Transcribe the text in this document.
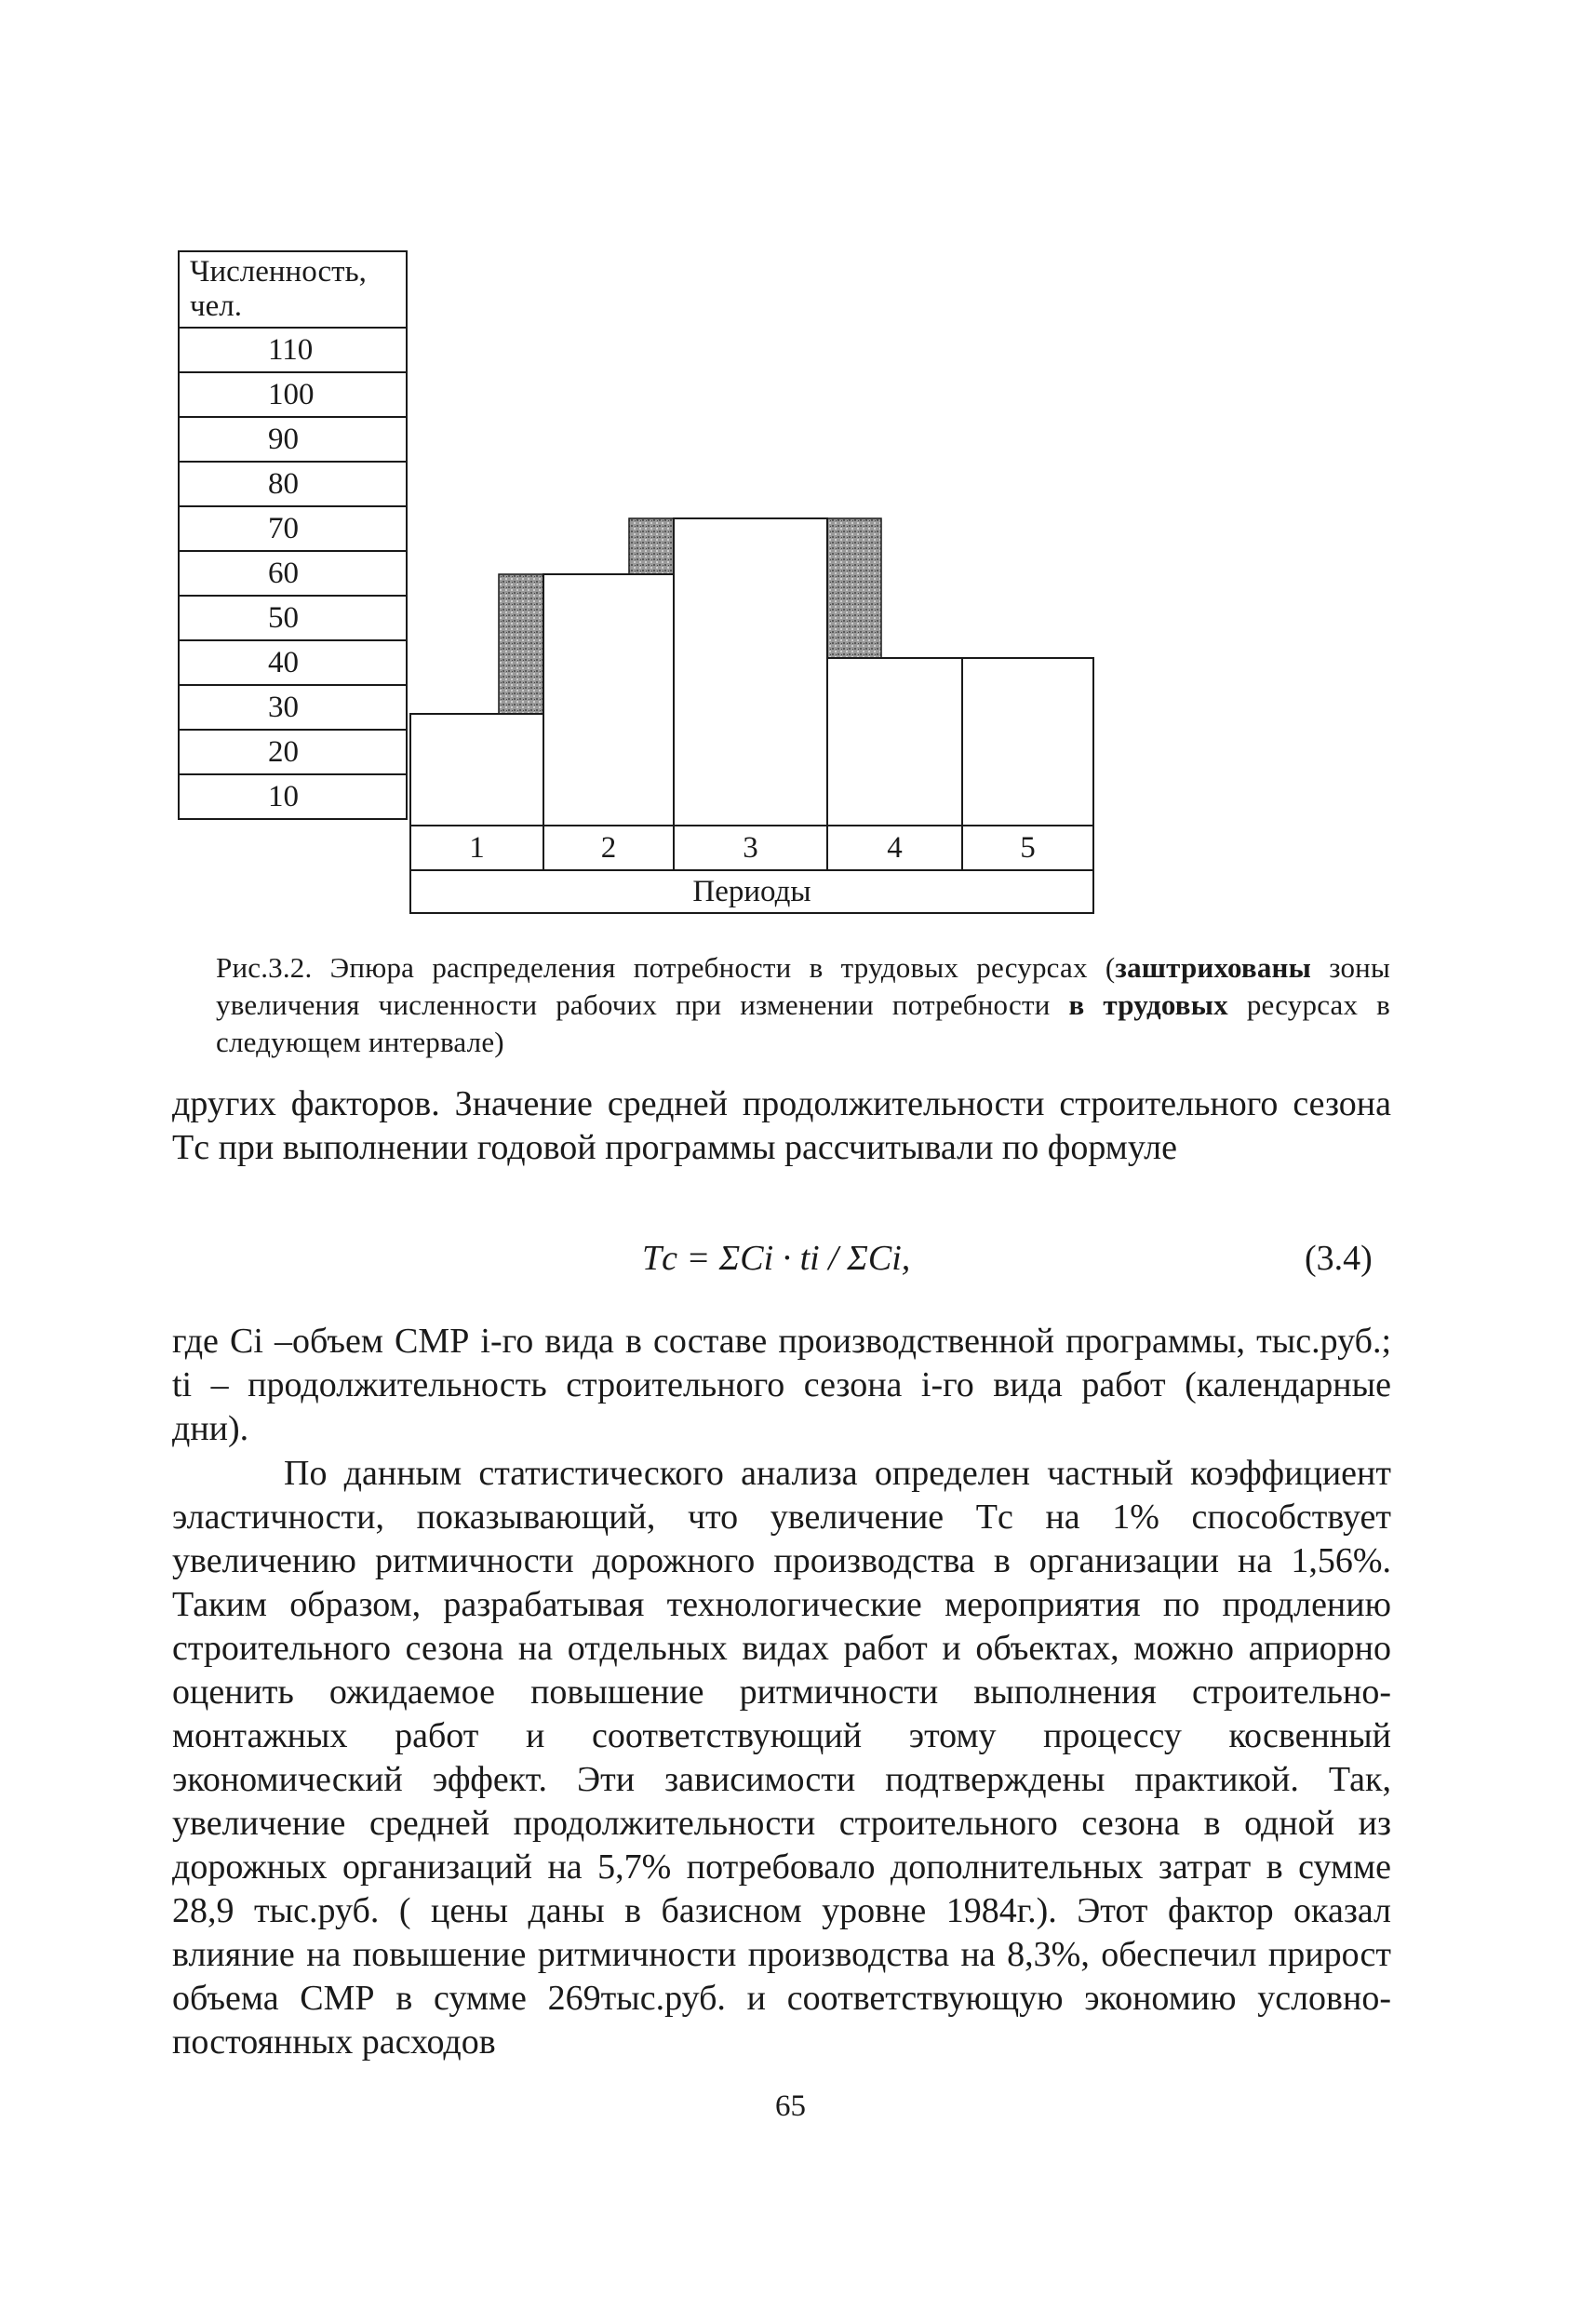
Численность, чел.
110
100
90
80
70
60
50
40
30
20
10
1	2	3	4	5
Периоды
Рис.3.2. Эпюра распределения потребности в трудовых ресурсах (заштрихованы зоны увеличения численности рабочих при изменении потребности в трудовых ресурсах в следующем интервале)
других факторов. Значение средней продолжительности строительного сезона Tс при выполнении годовой программы рассчитывали по формуле
Tс = ΣCi · ti / ΣCi,	(3.4)
где Ci –объем СМР i-го вида в составе производственной программы, тыс.руб.; ti – продолжительность строительного сезона i-го вида работ (календарные дни).
По данным статистического анализа определен частный коэффициент эластичности, показывающий, что увеличение Tс на 1% способствует увеличению ритмичности дорожного производства в организации на 1,56%. Таким образом, разрабатывая технологические мероприятия по продлению строительного сезона на отдельных видах работ и объектах, можно априорно оценить ожидаемое повышение ритмичности выполнения строительно-монтажных работ и соответствующий этому процессу косвенный экономический эффект. Эти зависимости подтверждены практикой. Так, увеличение средней продолжительности строительного сезона в одной из дорожных организаций на 5,7% потребовало дополнительных затрат в сумме 28,9 тыс.руб. ( цены даны в базисном уровне 1984г.). Этот фактор оказал влияние на повышение ритмичности производства на 8,3%, обеспечил прирост объема СМР в сумме 269тыс.руб. и соответствующую экономию условно-постоянных расходов
65
